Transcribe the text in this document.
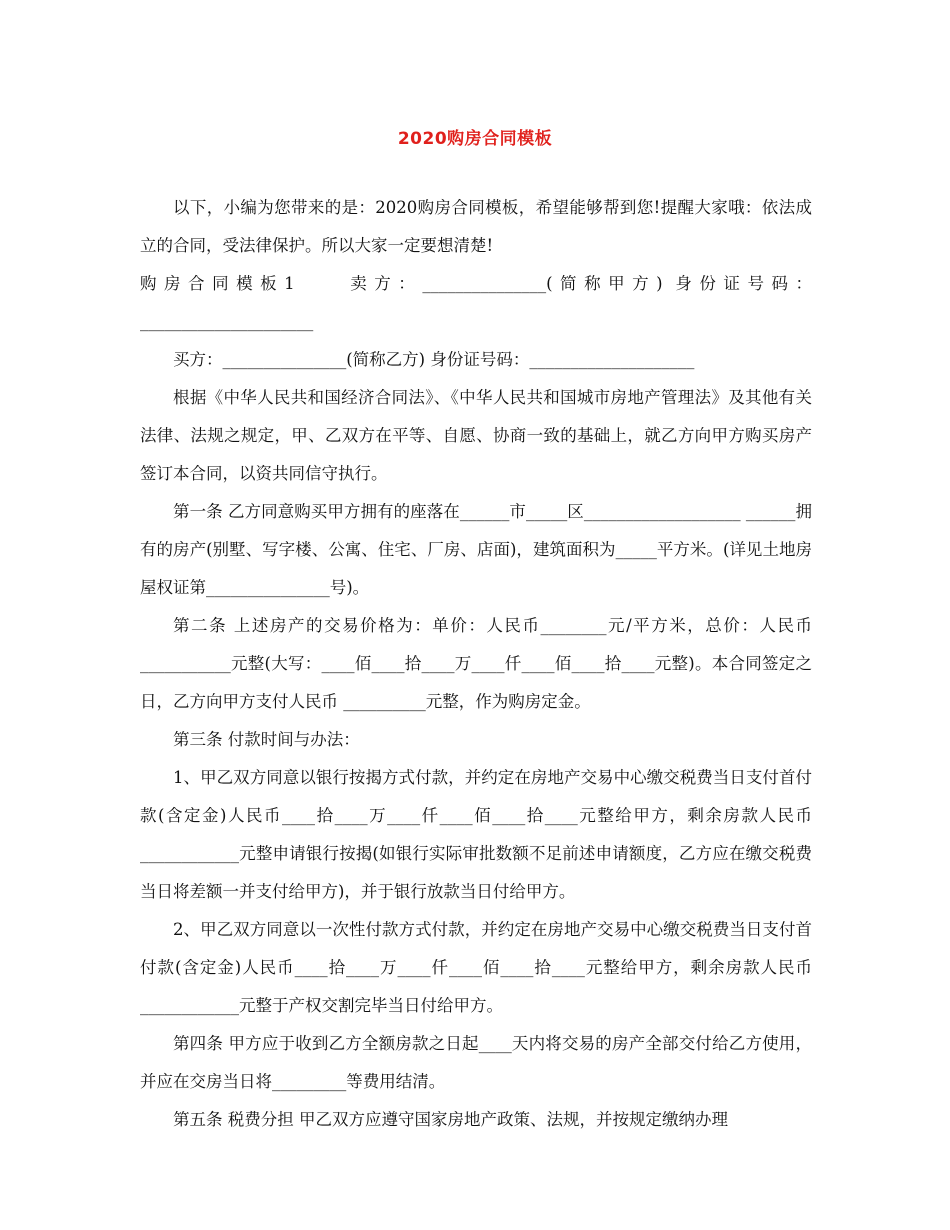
2020购房合同模板

以下，小编为您带来的是：2020购房合同模板，希望能够帮到您!提醒大家哦：依法成立的合同，受法律保护。所以大家一定要想清楚!

购房合同模板1　　卖方：_______________(简称甲方) 身份证号码：_____________________

买方：_______________(简称乙方) 身份证号码：____________________

根据《中华人民共和国经济合同法》、《中华人民共和国城市房地产管理法》及其他有关法律、法规之规定，甲、乙双方在平等、自愿、协商一致的基础上，就乙方向甲方购买房产签订本合同，以资共同信守执行。

第一条 乙方同意购买甲方拥有的座落在______市_____区___________________ ______拥有的房产(别墅、写字楼、公寓、住宅、厂房、店面)，建筑面积为_____平方米。(详见土地房屋权证第_______________号)。

第二条 上述房产的交易价格为：单价：人民币________元/平方米，总价：人民币___________元整(大写：____佰____拾____万____仟____佰____拾____元整)。本合同签定之日，乙方向甲方支付人民币 __________元整，作为购房定金。

第三条 付款时间与办法：

1、甲乙双方同意以银行按揭方式付款，并约定在房地产交易中心缴交税费当日支付首付款(含定金)人民币____拾____万____仟____佰____拾____元整给甲方，剩余房款人民币____________元整申请银行按揭(如银行实际审批数额不足前述申请额度，乙方应在缴交税费当日将差额一并支付给甲方)，并于银行放款当日付给甲方。

2、甲乙双方同意以一次性付款方式付款，并约定在房地产交易中心缴交税费当日支付首付款(含定金)人民币____拾____万____仟____佰____拾____元整给甲方，剩余房款人民币____________元整于产权交割完毕当日付给甲方。

第四条 甲方应于收到乙方全额房款之日起____天内将交易的房产全部交付给乙方使用，并应在交房当日将_________等费用结清。

第五条 税费分担 甲乙双方应遵守国家房地产政策、法规，并按规定缴纳办理
